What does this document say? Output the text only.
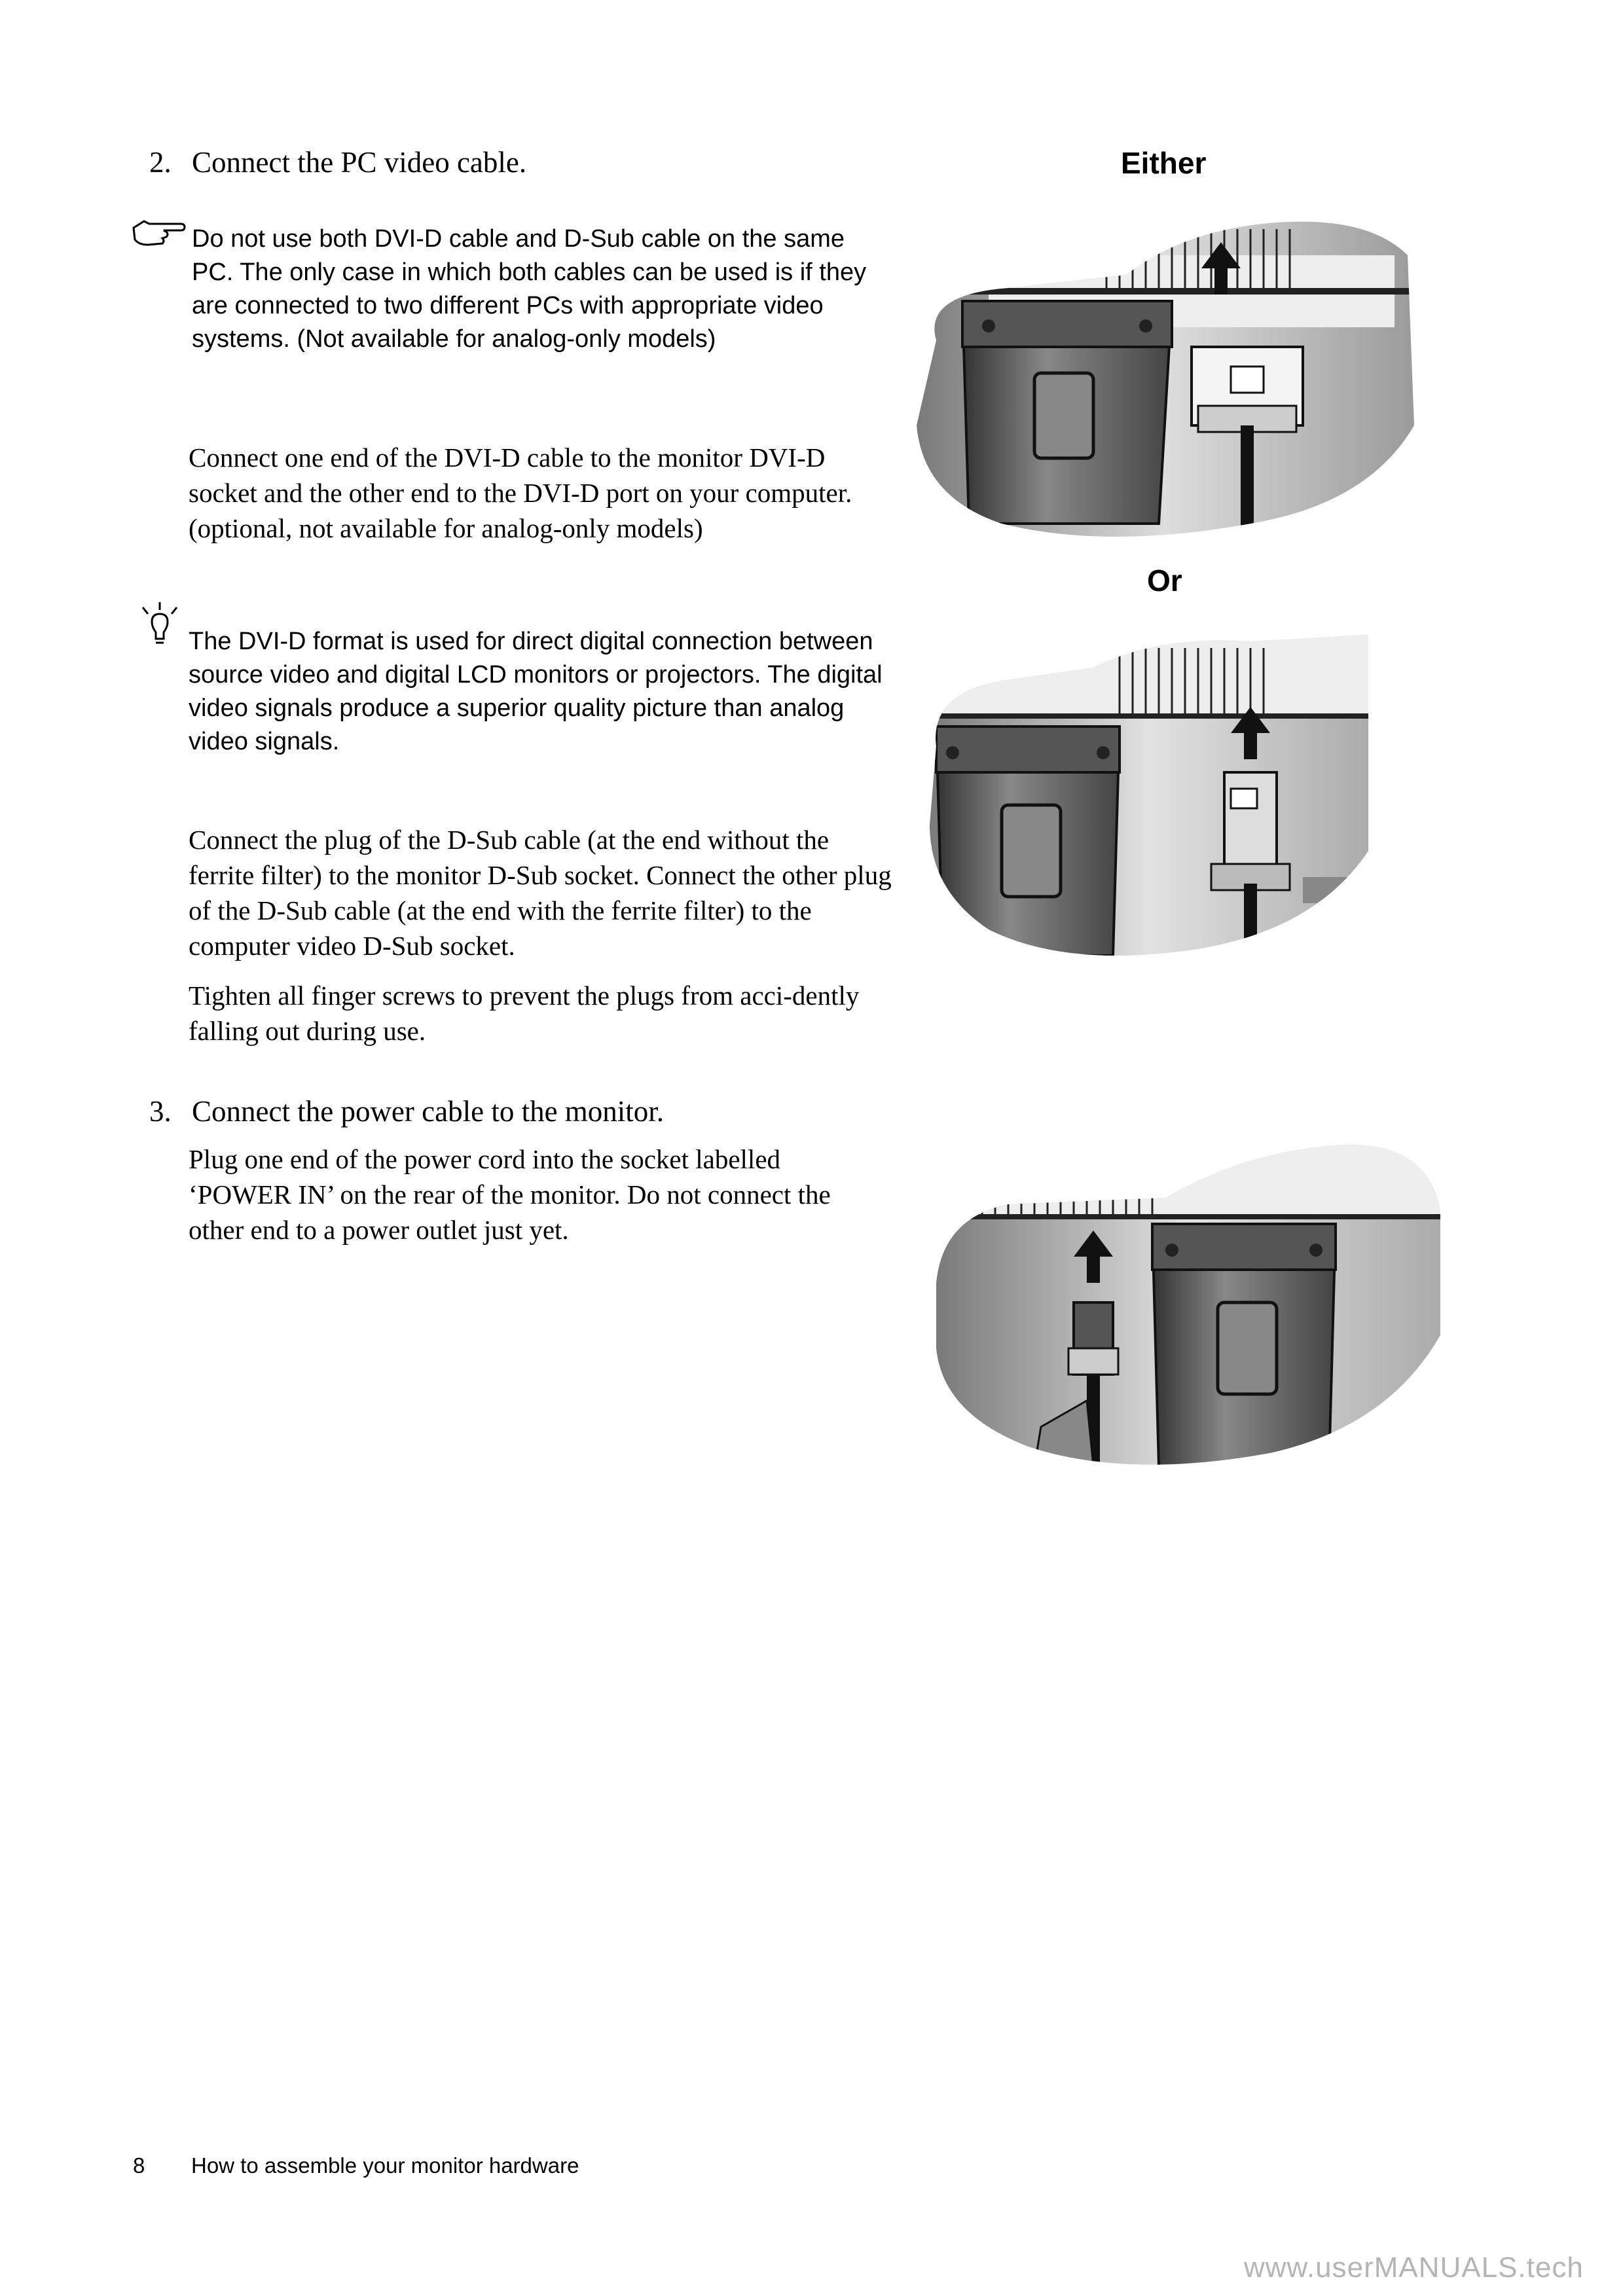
2. Connect the PC video cable.
Do not use both DVI-D cable and D-Sub cable on the same PC. The only case in which both cables can be used is if they are connected to two different PCs with appropriate video systems. (Not available for analog-only models)
Connect one end of the DVI-D cable to the monitor DVI-D socket and the other end to the DVI-D port on your computer. (optional, not available for analog-only models)
The DVI-D format is used for direct digital connection between source video and digital LCD monitors or projectors. The digital video signals produce a superior quality picture than analog video signals.
Connect the plug of the D-Sub cable (at the end without the ferrite filter) to the monitor D-Sub socket. Connect the other plug of the D-Sub cable (at the end with the ferrite filter) to the computer video D-Sub socket.
Tighten all finger screws to prevent the plugs from acci-dently falling out during use.
3. Connect the power cable to the monitor.
Plug one end of the power cord into the socket labelled ‘POWER IN’ on the rear of the monitor. Do not connect the other end to a power outlet just yet.
Either
Or
8 How to assemble your monitor hardware
www.userMANUALS.tech
